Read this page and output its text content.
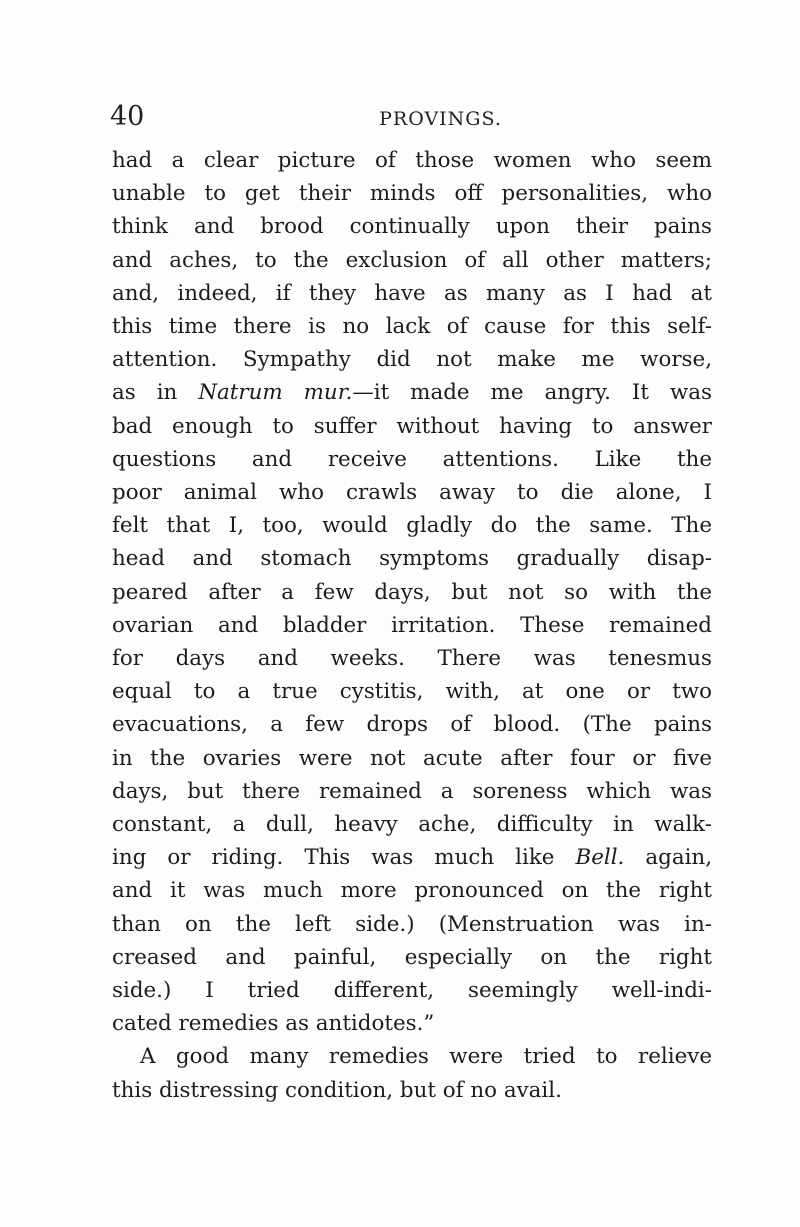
40	PROVINGS.
had a clear picture of those women who seem
unable to get their minds off personalities, who
think and brood continually upon their pains
and aches, to the exclusion of all other matters;
and, indeed, if they have as many as I had at
this time there is no lack of cause for this self-
attention. Sympathy did not make me worse,
as in Natrum mur.—it made me angry. It was
bad enough to suffer without having to answer
questions and receive attentions. Like the
poor animal who crawls away to die alone, I
felt that I, too, would gladly do the same. The
head and stomach symptoms gradually disap-
peared after a few days, but not so with the
ovarian and bladder irritation. These remained
for days and weeks. There was tenesmus
equal to a true cystitis, with, at one or two
evacuations, a few drops of blood. (The pains
in the ovaries were not acute after four or five
days, but there remained a soreness which was
constant, a dull, heavy ache, difficulty in walk-
ing or riding. This was much like Bell. again,
and it was much more pronounced on the right
than on the left side.) (Menstruation was in-
creased and painful, especially on the right
side.) I tried different, seemingly well-indi-
cated remedies as antidotes.”
A good many remedies were tried to relieve
this distressing condition, but of no avail.
